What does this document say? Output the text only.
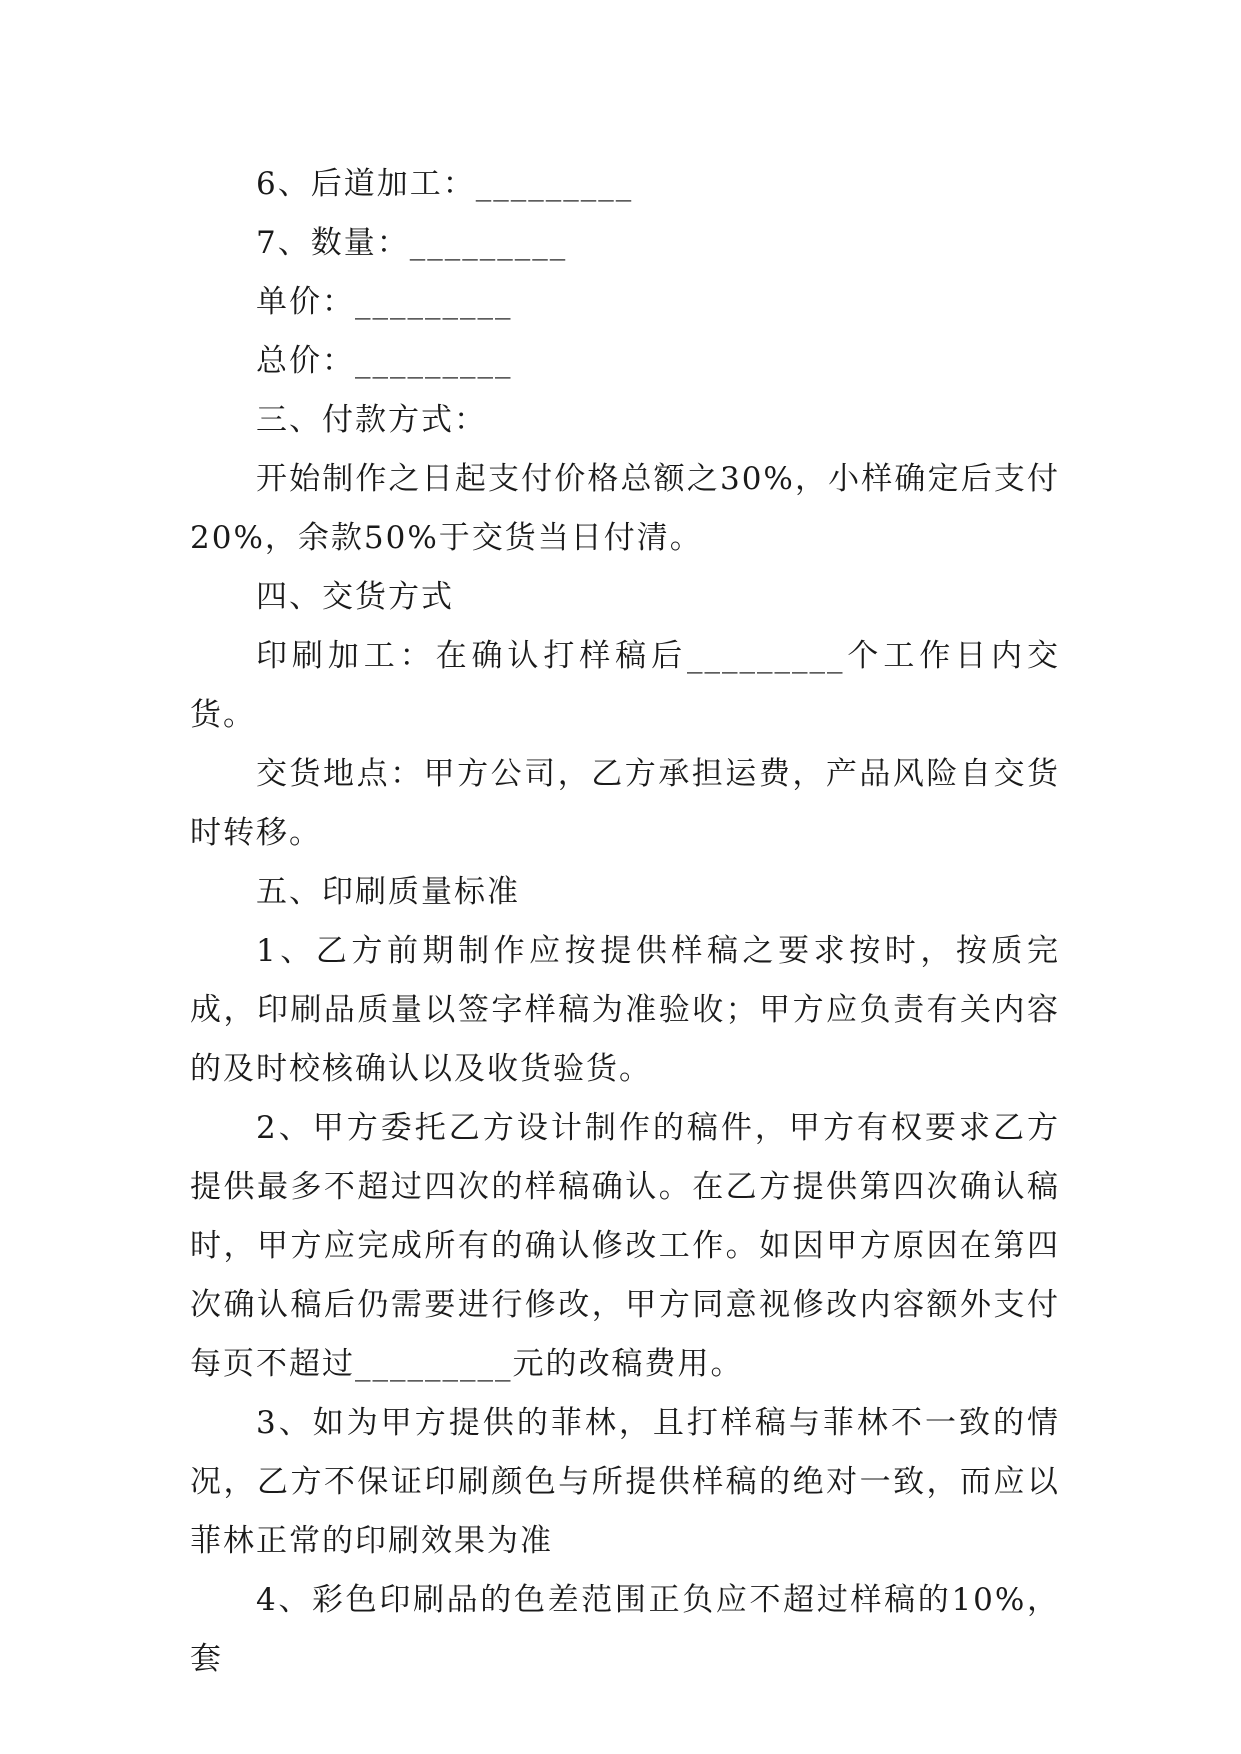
6、后道加工：_________

7、数量：_________

单价：_________

总价：_________

三、付款方式：

开始制作之日起支付价格总额之30%，小样确定后支付20%，余款50%于交货当日付清。

四、交货方式

印刷加工：在确认打样稿后_________个工作日内交货。

交货地点：甲方公司，乙方承担运费，产品风险自交货时转移。

五、印刷质量标准

1、乙方前期制作应按提供样稿之要求按时，按质完成，印刷品质量以签字样稿为准验收；甲方应负责有关内容的及时校核确认以及收货验货。

2、甲方委托乙方设计制作的稿件，甲方有权要求乙方提供最多不超过四次的样稿确认。在乙方提供第四次确认稿时，甲方应完成所有的确认修改工作。如因甲方原因在第四次确认稿后仍需要进行修改，甲方同意视修改内容额外支付每页不超过_________元的改稿费用。

3、如为甲方提供的菲林，且打样稿与菲林不一致的情况，乙方不保证印刷颜色与所提供样稿的绝对一致，而应以菲林正常的印刷效果为准

4、彩色印刷品的色差范围正负应不超过样稿的10%，套
